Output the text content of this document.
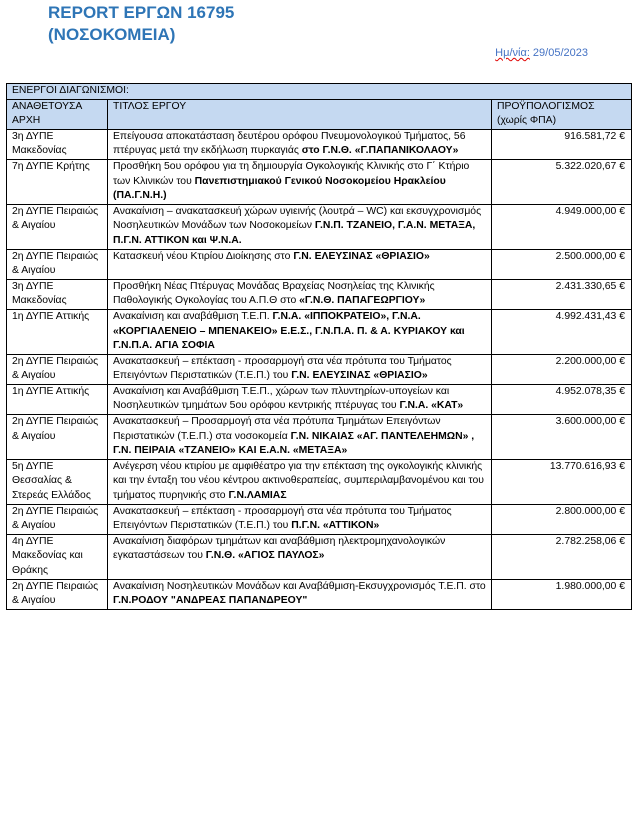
REPORT ΕΡΓΩΝ 16795
(ΝΟΣΟΚΟΜΕΙΑ)
Ημ/νία: 29/05/2023
ΕΝΕΡΓΟΙ ΔΙΑΓΩΝΙΣΜΟΙ:		
ΑΝΑΘΕΤΟΥΣΑ ΑΡΧΗ	ΤΙΤΛΟΣ ΕΡΓΟΥ	ΠΡΟΫΠΟΛΟΓΙΣΜΟΣ (χωρίς ΦΠΑ)
3η ΔΥΠΕ Μακεδονίας	Επείγουσα αποκατάσταση δευτέρου ορόφου Πνευμονολογικού Τμήματος, 56 πτέρυγας μετά την εκδήλωση πυρκαγιάς στο Γ.Ν.Θ. «Γ.ΠΑΠΑΝΙΚΟΛΑΟΥ»	916.581,72 €
7η ΔΥΠΕ Κρήτης	Προσθήκη 5ου ορόφου για τη δημιουργία Ογκολογικής Κλινικής στο Γ΄ Κτήριο των Κλινικών του Πανεπιστημιακού Γενικού Νοσοκομείου Ηρακλείου (ΠΑ.Γ.Ν.Η.)	5.322.020,67 €
2η ΔΥΠΕ Πειραιώς & Αιγαίου	Ανακαίνιση – ανακατασκευή χώρων υγιεινής (λουτρά – WC) και εκσυγχρονισμός Νοσηλευτικών Μονάδων των Νοσοκομείων Γ.Ν.Π. ΤΖΑΝΕΙΟ, Γ.Α.Ν. ΜΕΤΑΞΑ, Π.Γ.Ν. ΑΤΤΙΚΟΝ και Ψ.Ν.Α.	4.949.000,00 €
2η ΔΥΠΕ Πειραιώς & Αιγαίου	Κατασκευή νέου Κτιρίου Διοίκησης στο Γ.Ν. ΕΛΕΥΣΙΝΑΣ «ΘΡΙΑΣΙΟ»	2.500.000,00 €
3η ΔΥΠΕ Μακεδονίας	Προσθήκη Νέας Πτέρυγας Μονάδας Βραχείας Νοσηλείας της Κλινικής Παθολογικής Ογκολογίας του Α.Π.Θ στο «Γ.Ν.Θ. ΠΑΠΑΓΕΩΡΓΙΟΥ»	2.431.330,65 €
1η ΔΥΠΕ Αττικής	Ανακαίνιση και αναβάθμιση Τ.Ε.Π. Γ.Ν.Α. «ΙΠΠΟΚΡΑΤΕΙΟ», Γ.Ν.Α. «ΚΟΡΓΙΑΛΕΝΕΙΟ – ΜΠΕΝΑΚΕΙΟ» Ε.Ε.Σ., Γ.Ν.Π.Α. Π. & Α. ΚΥΡΙΑΚΟΥ και Γ.Ν.Π.Α. ΑΓΙΑ ΣΟΦΙΑ	4.992.431,43 €
2η ΔΥΠΕ Πειραιώς & Αιγαίου	Ανακατασκευή – επέκταση - προσαρμογή στα νέα πρότυπα του Τμήματος Επειγόντων Περιστατικών (Τ.Ε.Π.) του Γ.Ν. ΕΛΕΥΣΙΝΑΣ «ΘΡΙΑΣΙΟ»	2.200.000,00 €
1η ΔΥΠΕ Αττικής	Ανακαίνιση και Αναβάθμιση Τ.Ε.Π., χώρων των πλυντηρίων-υπογείων και Νοσηλευτικών τμημάτων 5ου ορόφου κεντρικής πτέρυγας του Γ.Ν.Α. «ΚΑΤ»	4.952.078,35 €
2η ΔΥΠΕ Πειραιώς & Αιγαίου	Ανακατασκευή – Προσαρμογή στα νέα πρότυπα Τμημάτων Επειγόντων Περιστατικών (Τ.Ε.Π.) στα νοσοκομεία Γ.Ν. ΝΙΚΑΙΑΣ «ΑΓ. ΠΑΝΤΕΛΕΗΜΩΝ» , Γ.Ν. ΠΕΙΡΑΙΑ «ΤΖΑΝΕΙΟ» ΚΑΙ Ε.Α.Ν. «ΜΕΤΑΞΑ»	3.600.000,00 €
5η ΔΥΠΕ Θεσσαλίας & Στερεάς Ελλάδος	Ανέγερση νέου κτιρίου με αμφιθέατρο για την επέκταση της ογκολογικής κλινικής και την ένταξη του νέου κέντρου ακτινοθεραπείας, συμπεριλαμβανομένου και του τμήματος πυρηνικής στο Γ.Ν.ΛΑΜΙΑΣ	13.770.616,93 €
2η ΔΥΠΕ Πειραιώς & Αιγαίου	Ανακατασκευή – επέκταση - προσαρμογή στα νέα πρότυπα του Τμήματος Επειγόντων Περιστατικών (Τ.Ε.Π.) του Π.Γ.Ν. «ΑΤΤΙΚΟΝ»	2.800.000,00 €
4η ΔΥΠΕ Μακεδονίας και Θράκης	Ανακαίνιση διαφόρων τμημάτων και αναβάθμιση ηλεκτρομηχανολογικών εγκαταστάσεων του Γ.Ν.Θ. «ΑΓΙΟΣ ΠΑΥΛΟΣ»	2.782.258,06 €
2η ΔΥΠΕ Πειραιώς & Αιγαίου	Ανακαίνιση Νοσηλευτικών Μονάδων και Αναβάθμιση-Εκσυγχρονισμός Τ.Ε.Π. στο Γ.Ν.ΡΟΔΟΥ "ΑΝΔΡΕΑΣ ΠΑΠΑΝΔΡΕΟΥ"	1.980.000,00 €
